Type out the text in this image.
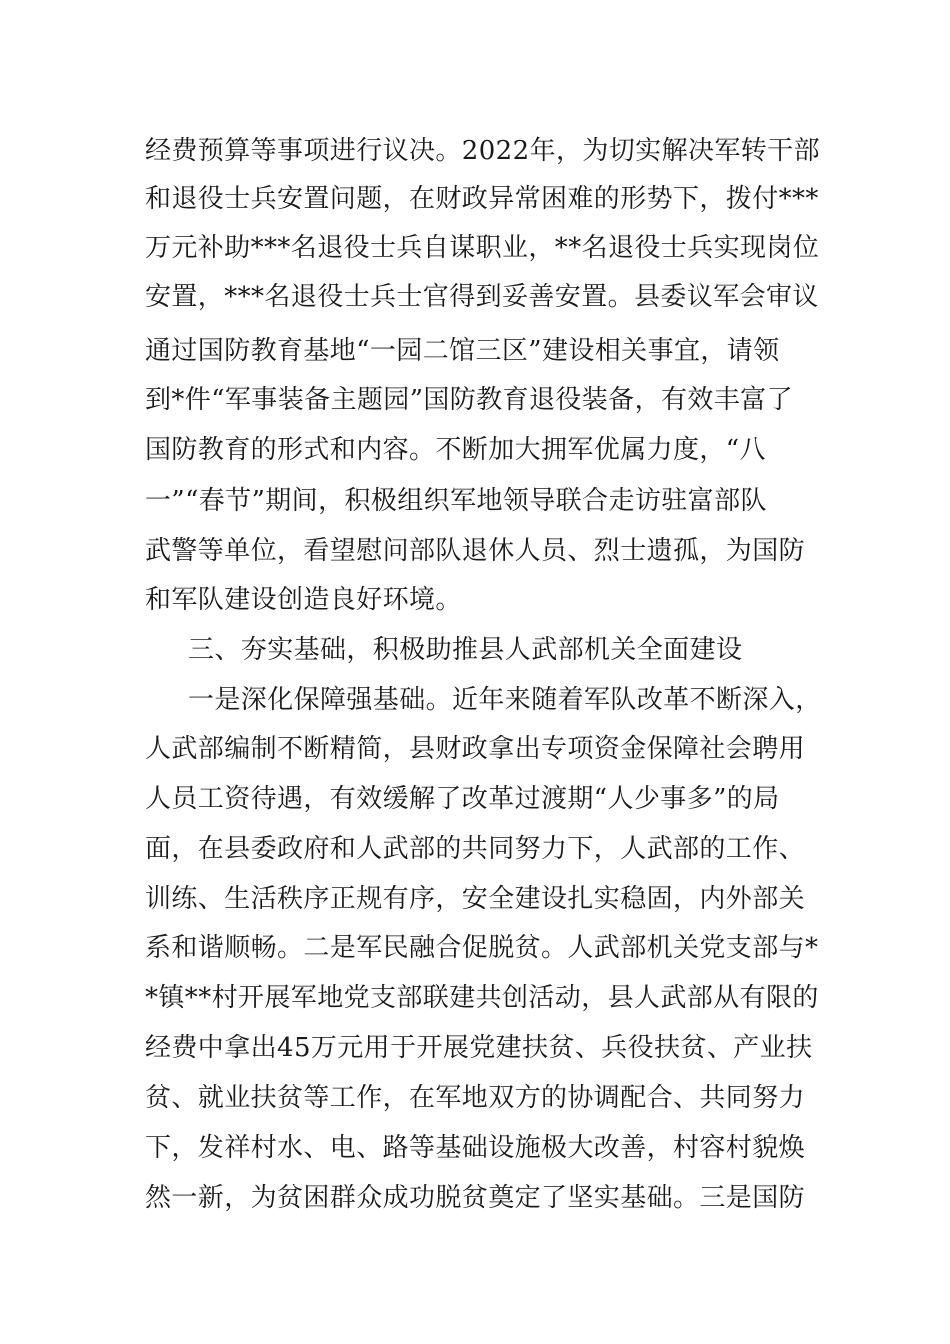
经费预算等事项进行议决。2022年，为切实解决军转干部
和退役士兵安置问题，在财政异常困难的形势下，拨付***
万元补助***名退役士兵自谋职业，**名退役士兵实现岗位
安置，***名退役士兵士官得到妥善安置。县委议军会审议
通过国防教育基地“一园二馆三区”建设相关事宜，请领
到*件“军事装备主题园”国防教育退役装备，有效丰富了
国防教育的形式和内容。不断加大拥军优属力度，“八
一”“春节”期间，积极组织军地领导联合走访驻富部队
武警等单位，看望慰问部队退休人员、烈士遗孤，为国防
和军队建设创造良好环境。
三、夯实基础，积极助推县人武部机关全面建设
一是深化保障强基础。近年来随着军队改革不断深入，
人武部编制不断精简，县财政拿出专项资金保障社会聘用
人员工资待遇，有效缓解了改革过渡期“人少事多”的局
面，在县委政府和人武部的共同努力下，人武部的工作、
训练、生活秩序正规有序，安全建设扎实稳固，内外部关
系和谐顺畅。二是军民融合促脱贫。人武部机关党支部与*
*镇**村开展军地党支部联建共创活动，县人武部从有限的
经费中拿出45万元用于开展党建扶贫、兵役扶贫、产业扶
贫、就业扶贫等工作，在军地双方的协调配合、共同努力
下，发祥村水、电、路等基础设施极大改善，村容村貌焕
然一新，为贫困群众成功脱贫奠定了坚实基础。三是国防
